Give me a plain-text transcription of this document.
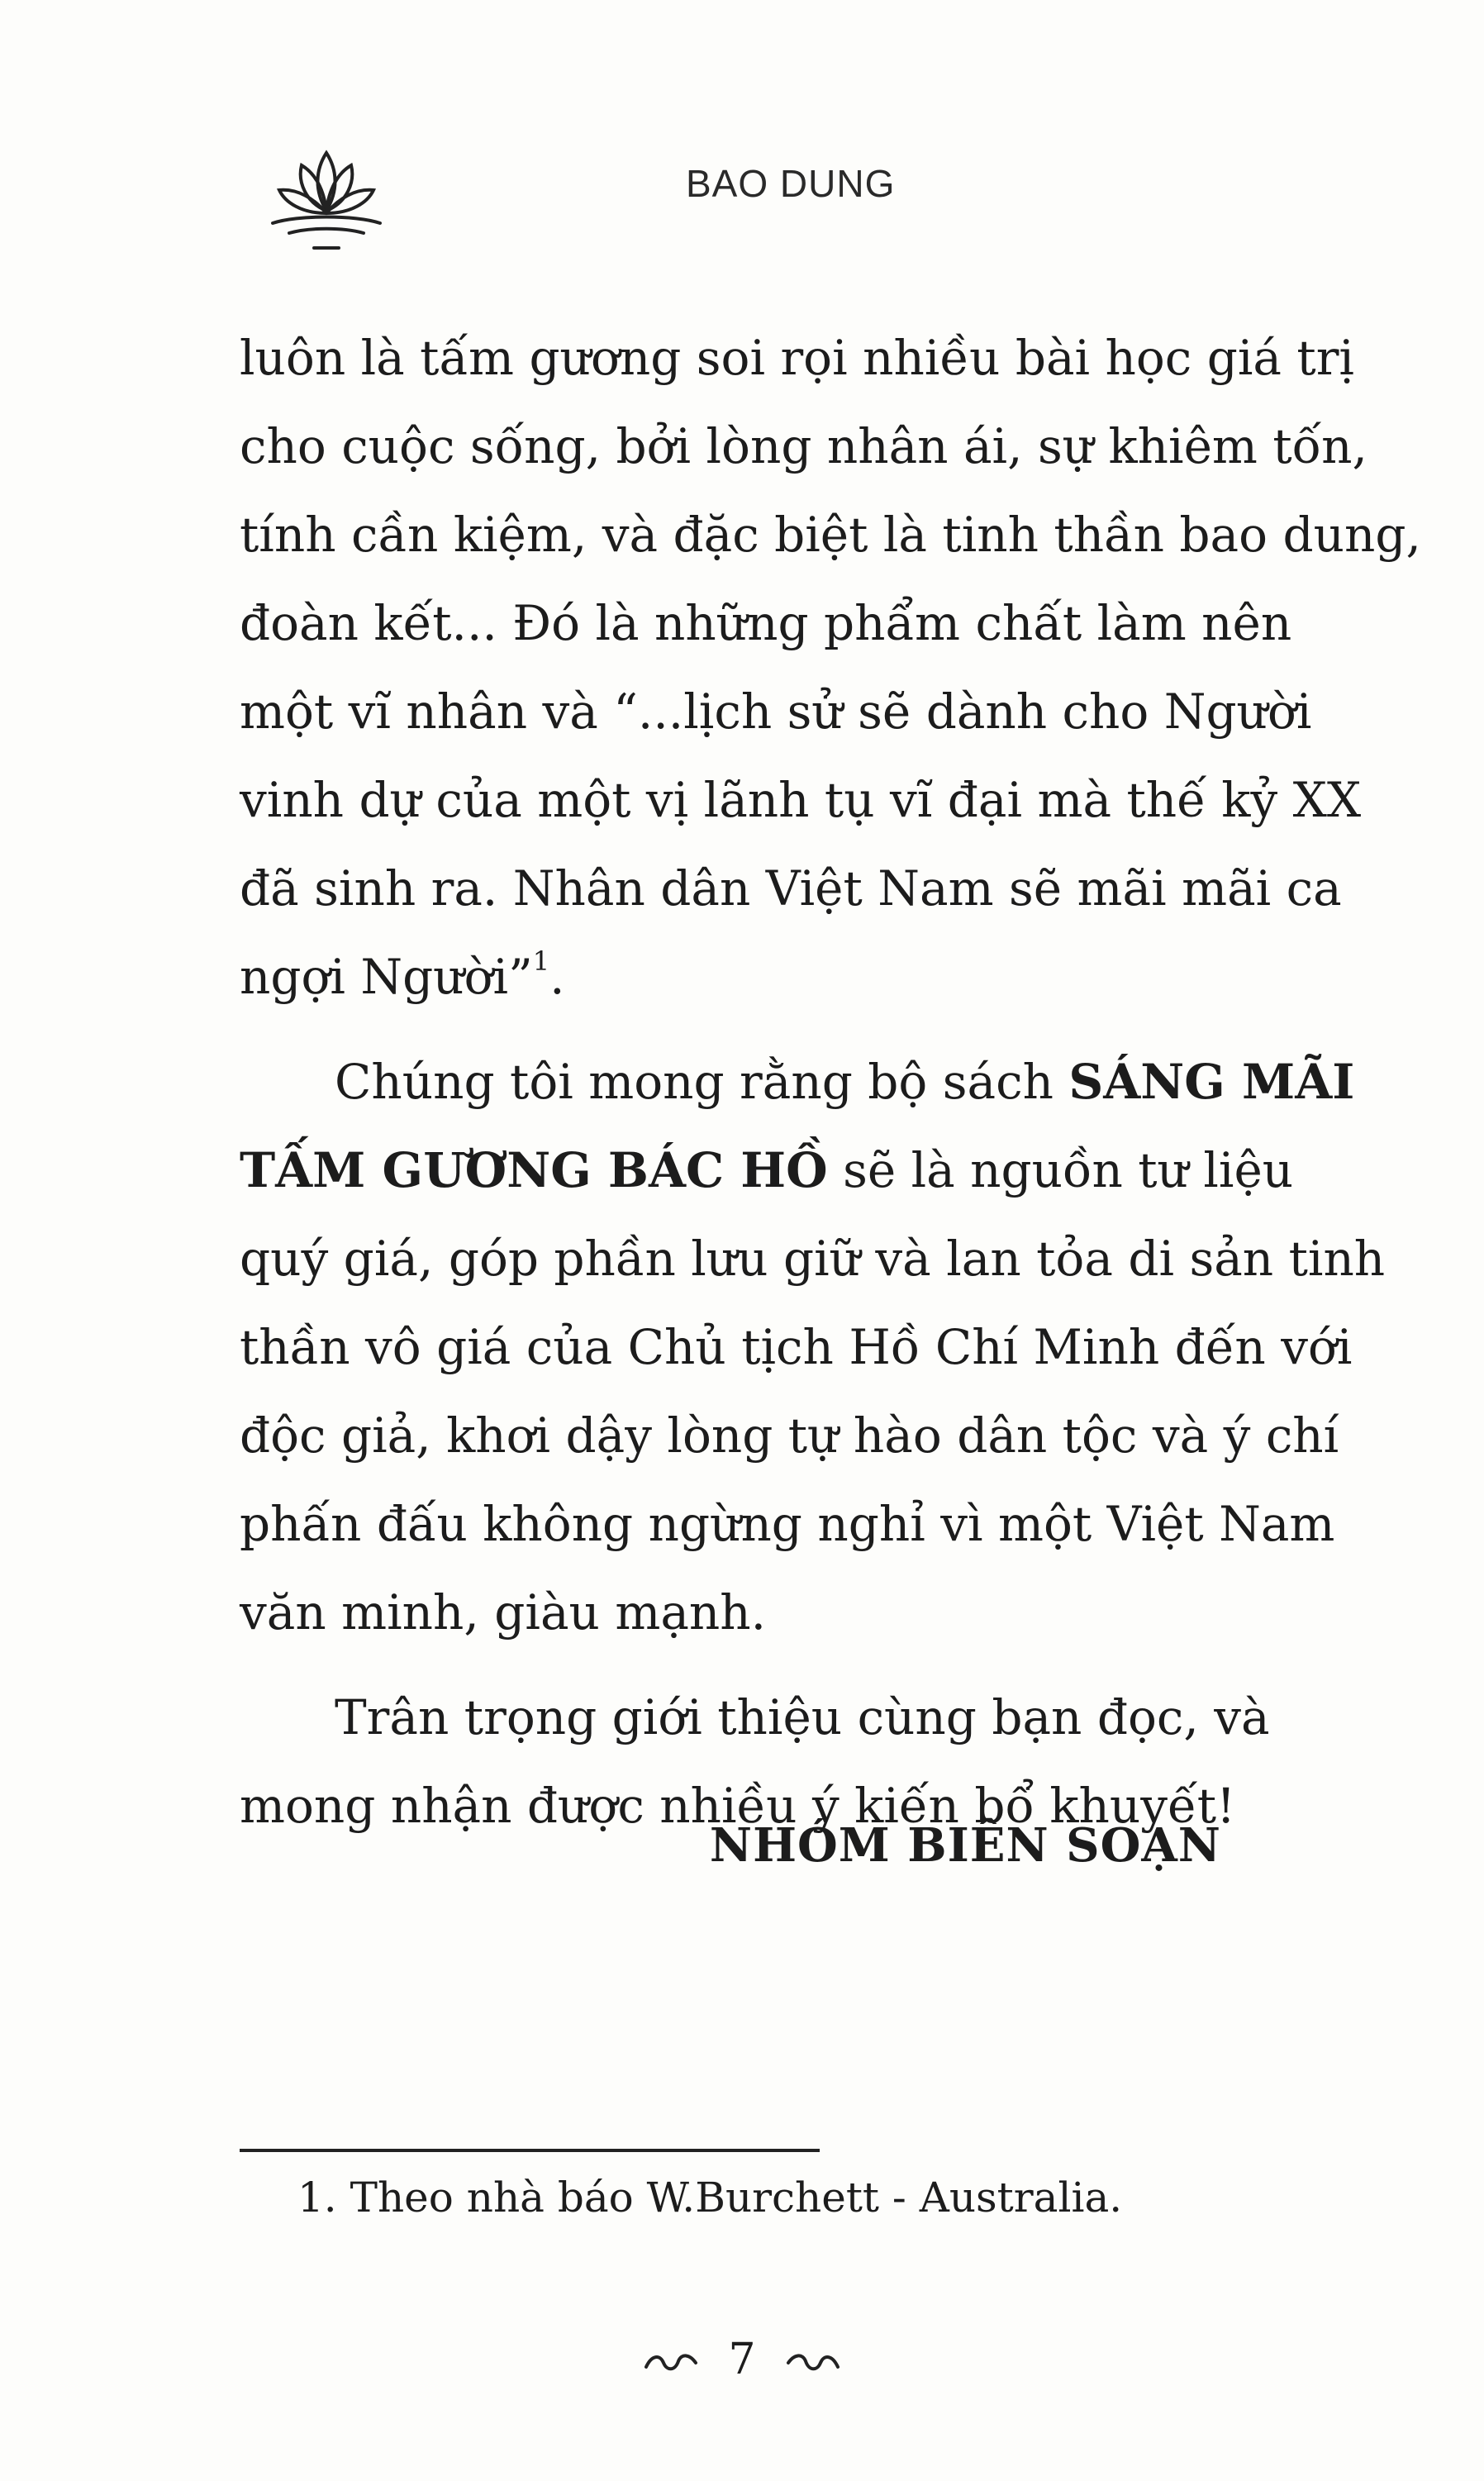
BAO DUNG
luôn là tấm gương soi rọi nhiều bài học giá trị
cho cuộc sống, bởi lòng nhân ái, sự khiêm tốn,
tính cần kiệm, và đặc biệt là tinh thần bao dung,
đoàn kết... Đó là những phẩm chất làm nên
một vĩ nhân và “...lịch sử sẽ dành cho Người
vinh dự của một vị lãnh tụ vĩ đại mà thế kỷ XX
đã sinh ra. Nhân dân Việt Nam sẽ mãi mãi ca
ngợi Người”$^1$.
Chúng tôi mong rằng bộ sách SÁNG MÃI
TẤM GƯƠNG BÁC HỒ sẽ là nguồn tư liệu
quý giá, góp phần lưu giữ và lan tỏa di sản tinh
thần vô giá của Chủ tịch Hồ Chí Minh đến với
độc giả, khơi dậy lòng tự hào dân tộc và ý chí
phấn đấu không ngừng nghỉ vì một Việt Nam
văn minh, giàu mạnh.
Trân trọng giới thiệu cùng bạn đọc, và
mong nhận được nhiều ý kiến bổ khuyết!
NHÓM BIÊN SOẠN
1. Theo nhà báo W.Burchett - Australia.
7
